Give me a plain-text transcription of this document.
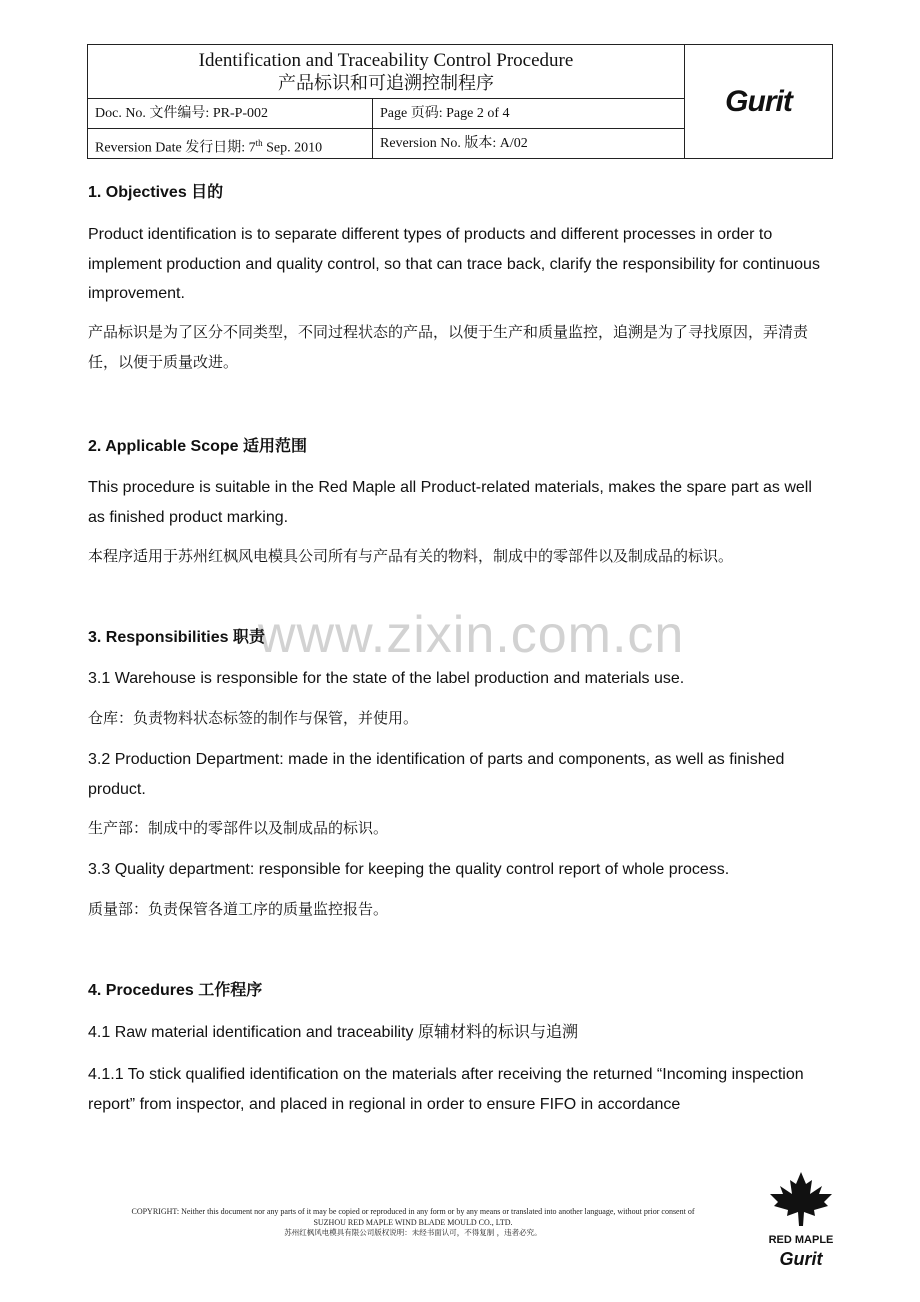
Identification and Traceability Control Procedure
产品标识和可追溯控制程序
Doc. No. 文件编号: PR-P-002	Page 页码: Page 2 of 4
Reversion Date 发行日期: 7th Sep. 2010	Reversion No. 版本: A/02
Gurit
1. Objectives 目的
Product identification is to separate different types of products and different processes in order to implement production and quality control, so that can trace back, clarify the responsibility for continuous improvement.
产品标识是为了区分不同类型，不同过程状态的产品，以便于生产和质量监控，追溯是为了寻找原因，弄清责任，以便于质量改进。
2. Applicable Scope 适用范围
This procedure is suitable in the Red Maple all Product-related materials, makes the spare part as well as finished product marking.
本程序适用于苏州红枫风电模具公司所有与产品有关的物料，制成中的零部件以及制成品的标识。
www.zixin.com.cn
3. Responsibilities 职责
3.1 Warehouse is responsible for the state of the label production and materials use.
仓库：负责物料状态标签的制作与保管，并使用。
3.2 Production Department: made in the identification of parts and components, as well as finished product.
生产部：制成中的零部件以及制成品的标识。
3.3 Quality department: responsible for keeping the quality control report of whole process.
质量部：负责保管各道工序的质量监控报告。
4. Procedures 工作程序
4.1 Raw material identification and traceability 原辅材料的标识与追溯
4.1.1 To stick qualified identification on the materials after receiving the returned “Incoming inspection report” from inspector, and placed in regional in order to ensure FIFO in accordance
COPYRIGHT: Neither this document nor any parts of it may be copied or reproduced in any form or by any means or translated into another language, without prior consent of
SUZHOU RED MAPLE WIND BLADE MOULD CO., LTD.
苏州红枫风电模具有限公司版权说明：未经书面认可，不得复制 ，违者必究。
RED MAPLE
Gurit
